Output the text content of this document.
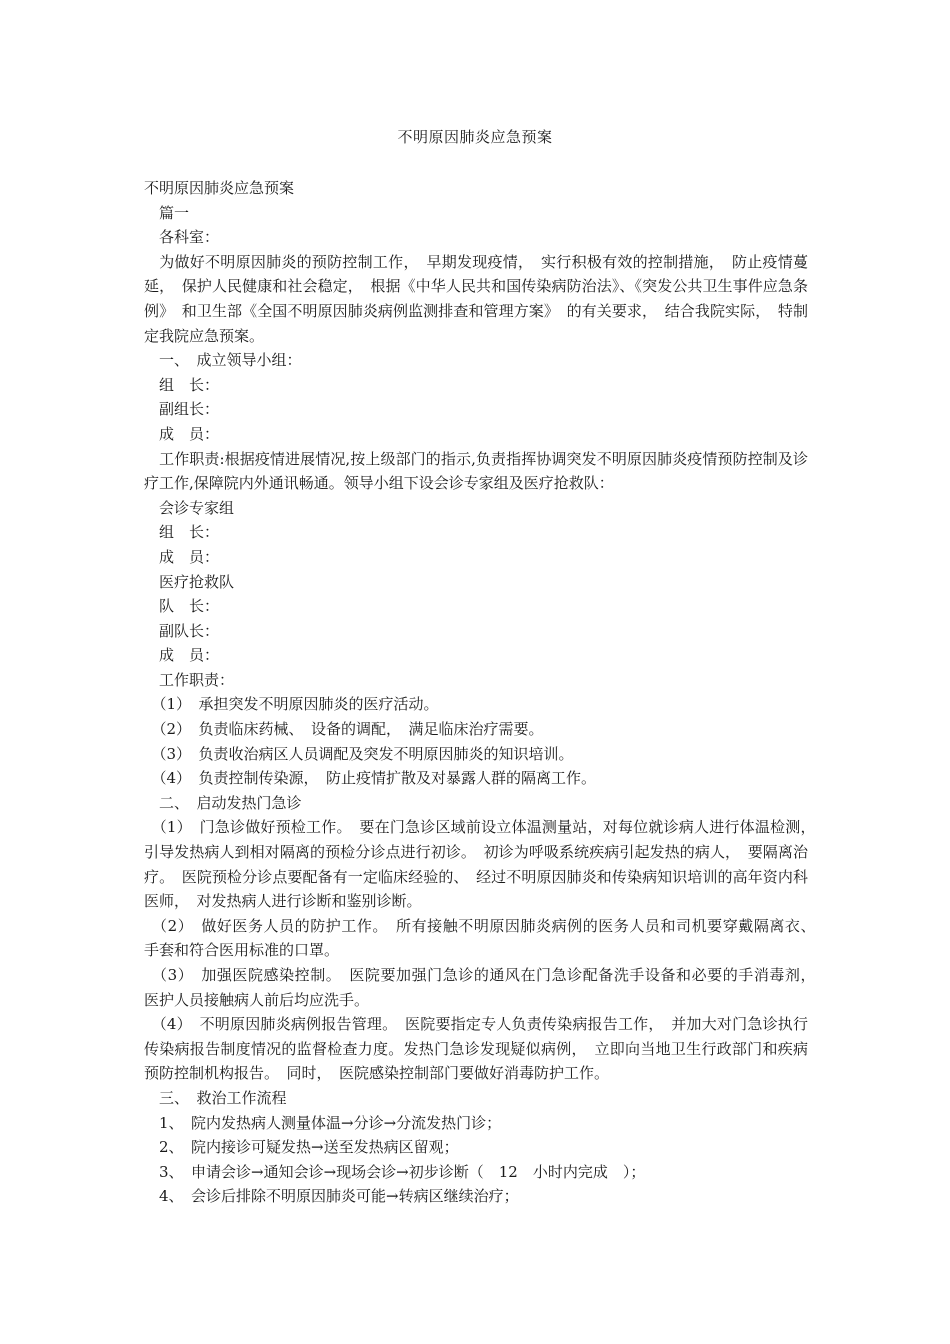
不明原因肺炎应急预案

不明原因肺炎应急预案

　篇一

　各科室：

　为做好不明原因肺炎的预防控制工作，　早期发现疫情，　实行积极有效的控制措施，　防止疫情蔓延，　保护人民健康和社会稳定，　根据《中华人民共和国传染病防治法》、《突发公共卫生事件应急条例》　和卫生部《全国不明原因肺炎病例监测排查和管理方案》　的有关要求，　结合我院实际，　特制定我院应急预案。

　一、　成立领导小组：

　组　长：

　副组长：

　成　员：

　工作职责:根据疫情进展情况,按上级部门的指示,负责指挥协调突发不明原因肺炎疫情预防控制及诊疗工作,保障院内外通讯畅通。领导小组下设会诊专家组及医疗抢救队：

　会诊专家组

　组　长：

　成　员：

　医疗抢救队

　队　长：

　副队长：

　成　员：

　工作职责：

　（1）　承担突发不明原因肺炎的医疗活动。

　（2）　负责临床药械、　设备的调配，　满足临床治疗需要。

　（3）　负责收治病区人员调配及突发不明原因肺炎的知识培训。

　（4）　负责控制传染源，　防止疫情扩散及对暴露人群的隔离工作。

　二、　启动发热门急诊

　（1）　门急诊做好预检工作。　要在门急诊区域前设立体温测量站，对每位就诊病人进行体温检测，　引导发热病人到相对隔离的预检分诊点进行初诊。　初诊为呼吸系统疾病引起发热的病人，　要隔离治疗。　医院预检分诊点要配备有一定临床经验的、　经过不明原因肺炎和传染病知识培训的高年资内科医师，　对发热病人进行诊断和鉴别诊断。

　（2）　做好医务人员的防护工作。　所有接触不明原因肺炎病例的医务人员和司机要穿戴隔离衣、　手套和符合医用标准的口罩。

　（3）　加强医院感染控制。　医院要加强门急诊的通风在门急诊配备洗手设备和必要的手消毒剂，　医护人员接触病人前后均应洗手。

　（4）　不明原因肺炎病例报告管理。　医院要指定专人负责传染病报告工作，　并加大对门急诊执行传染病报告制度情况的监督检查力度。发热门急诊发现疑似病例，　立即向当地卫生行政部门和疾病预防控制机构报告。　同时，　医院感染控制部门要做好消毒防护工作。

　三、　救治工作流程

　1、　院内发热病人测量体温→分诊→分流发热门诊；

　2、　院内接诊可疑发热→送至发热病区留观；

　3、　申请会诊→通知会诊→现场会诊→初步诊断（　12　小时内完成　）；

　4、　会诊后排除不明原因肺炎可能→转病区继续治疗；
